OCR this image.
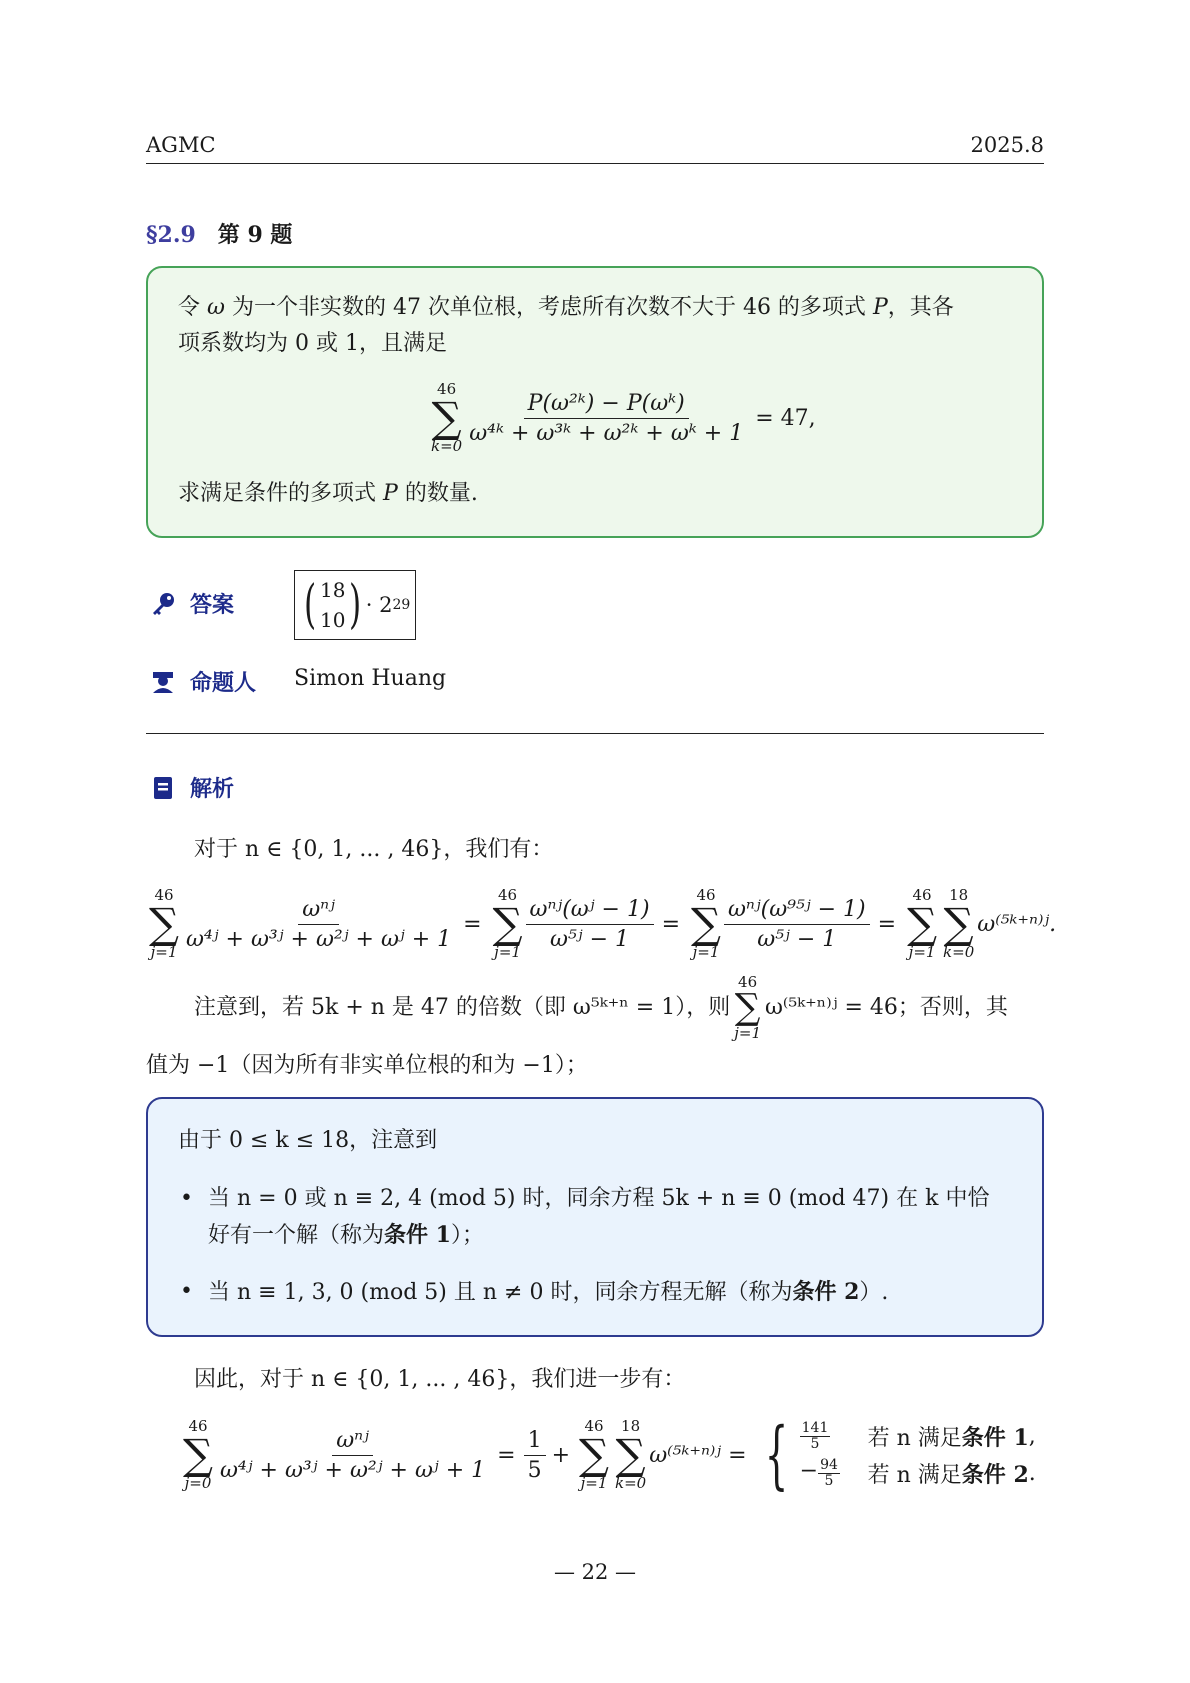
AGMC	2025.8
§2.9 第 9 题
令 ω 为一个非实数的 47 次单位根，考虑所有次数不大于 46 的多项式 P，其各
项系数均为 0 或 1，且满足
46
∑
k=0
$\frac{\text{P(ω²ᵏ) − P(ωᵏ)}}{\text{ω⁴ᵏ + ω³ᵏ + ω²ᵏ + ωᵏ + 1}} = 47$,
求满足条件的多项式 P 的数量.
答案 ( 18
10 ) · 2 29
命题人 Simon Huang
解析
对于 n ∈ {0, 1, ... , 46}，我们有：
46
∑
j=1
$\frac{\text{ωⁿʲ}}{\text{ω⁴ʲ + ω³ʲ + ω²ʲ + ωʲ + 1}}$ =
46
∑
j=1
$\frac{\text{ωⁿʲ(ωʲ − 1)}}{\text{ω⁵ʲ − 1}}$ =
46
∑
j=1
$\frac{\text{ωⁿʲ(ω⁹⁵ʲ − 1)}}{\text{ω⁵ʲ − 1}}$ =
46
∑
j=1
18
∑
k=0
ω⁽⁵ᵏ⁺ⁿ⁾ʲ.
注意到，若 5k + n 是 47 的倍数（即 ω⁵ᵏ⁺ⁿ = 1），则
46
∑
j=1
ω⁽⁵ᵏ⁺ⁿ⁾ʲ = 46；否则，其
值为 −1（因为所有非实单位根的和为 −1）；
由于 0 ≤ k ≤ 18，注意到
• 当 n = 0 或 n ≡ 2, 4 (mod 5) 时，同余方程 5k + n ≡ 0 (mod 47) 在 k 中恰
好有一个解（称为条件 1）；
• 当 n ≡ 1, 3, 0 (mod 5) 且 n ≠ 0 时，同余方程无解（称为条件 2）.
因此，对于 n ∈ {0, 1, ... , 46}，我们进一步有：
46
∑
j=0
$\frac{\text{ωⁿʲ}}{\text{ω⁴ʲ + ω³ʲ + ω²ʲ + ωʲ + 1}} = \frac{1}{5}$ +
46
∑
j=1
18
∑
k=0
ω⁽⁵ᵏ⁺ⁿ⁾ʲ = { $\frac{141}{5}$ 若 n 满足 条件 1 ,
− $\frac{94}{5}$ 若 n 满足 条件 2 .
— 22 —
